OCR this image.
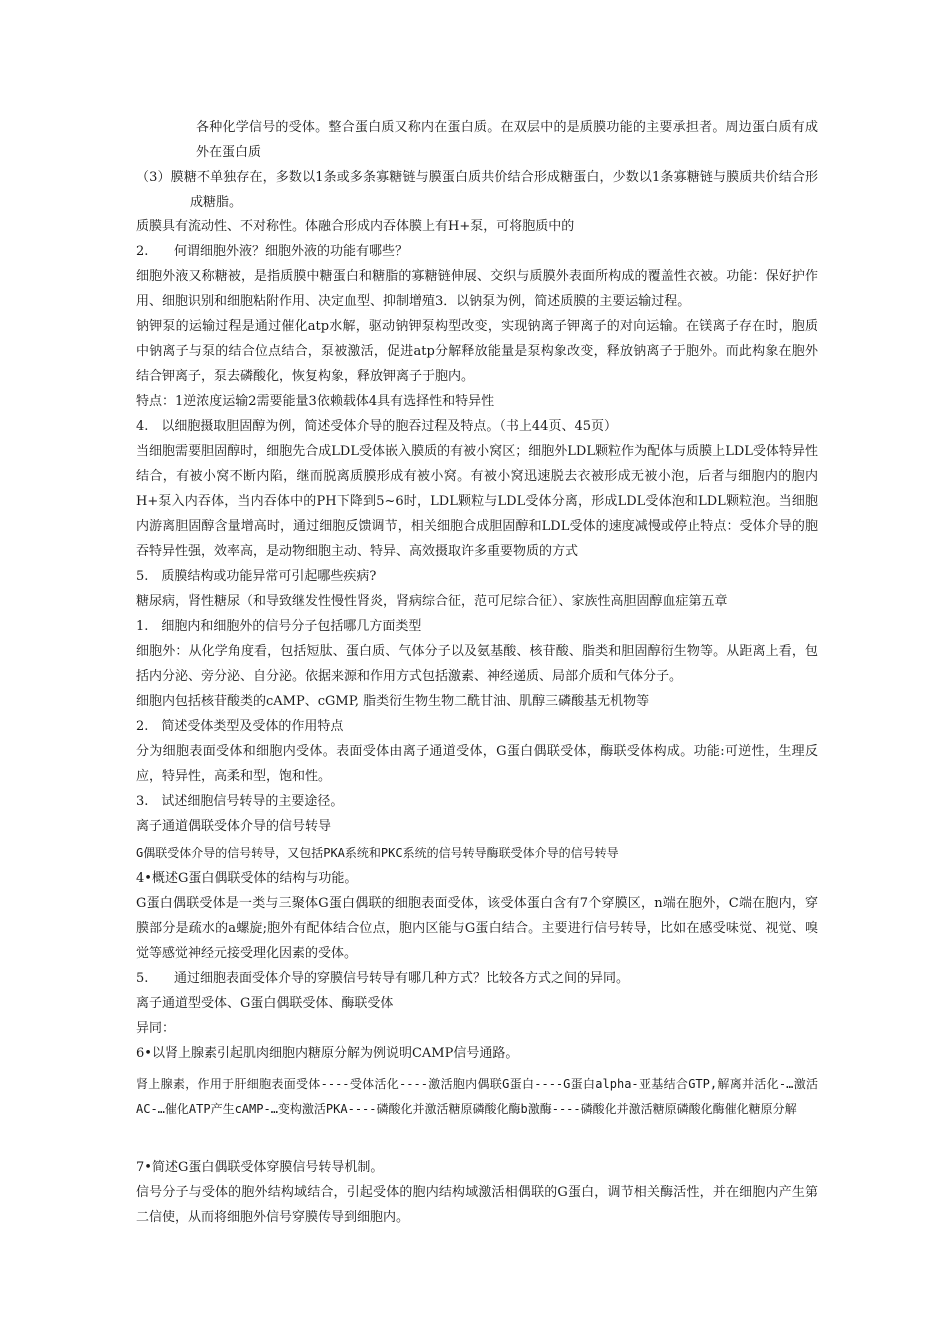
各种化学信号的受体。整合蛋白质又称内在蛋白质。在双层中的是质膜功能的主要承担者。周边蛋白质有成外在蛋白质

（3）膜糖不单独存在，多数以1条或多条寡糖链与膜蛋白质共价结合形成糖蛋白，少数以1条寡糖链与膜质共价结合形成糖脂。

质膜具有流动性、不对称性。体融合形成内吞体膜上有H+泵，可将胞质中的

2. 何谓细胞外液？细胞外液的功能有哪些？

细胞外液又称糖被，是指质膜中糖蛋白和糖脂的寡糖链伸展、交织与质膜外表面所构成的覆盖性衣被。功能：保好护作用、细胞识别和细胞粘附作用、决定血型、抑制增殖3．以钠泵为例，简述质膜的主要运输过程。

钠钾泵的运输过程是通过催化atp水解，驱动钠钾泵构型改变，实现钠离子钾离子的对向运输。在镁离子存在时，胞质中钠离子与泵的结合位点结合，泵被激活，促进atp分解释放能量是泵构象改变，释放钠离子于胞外。而此构象在胞外结合钾离子，泵去磷酸化，恢复构象，释放钾离子于胞内。

特点：1逆浓度运输2需要能量3依赖载体4具有选择性和特异性

4.　以细胞摄取胆固醇为例，简述受体介导的胞吞过程及特点。（书上44页、45页）

当细胞需要胆固醇时，细胞先合成LDL受体嵌入膜质的有被小窝区；细胞外LDL颗粒作为配体与质膜上LDL受体特异性结合，有被小窝不断内陷，继而脱离质膜形成有被小窝。有被小窝迅速脱去衣被形成无被小泡，后者与细胞内的胞内H+泵入内吞体，当内吞体中的PH下降到5~6时，LDL颗粒与LDL受体分离，形成LDL受体泡和LDL颗粒泡。当细胞内游离胆固醇含量增高时，通过细胞反馈调节，相关细胞合成胆固醇和LDL受体的速度减慢或停止特点：受体介导的胞吞特异性强，效率高，是动物细胞主动、特异、高效摄取许多重要物质的方式

5.　质膜结构或功能异常可引起哪些疾病?

糖尿病，肾性糖尿（和导致继发性慢性肾炎，肾病综合征，范可尼综合征）、家族性高胆固醇血症第五章

1.　细胞内和细胞外的信号分子包括哪几方面类型

细胞外：从化学角度看，包括短肽、蛋白质、气体分子以及氨基酸、核苷酸、脂类和胆固醇衍生物等。从距离上看，包括内分泌、旁分泌、自分泌。依据来源和作用方式包括激素、神经递质、局部介质和气体分子。

细胞内包括核苷酸类的cAMP、cGMP, 脂类衍生物生物二酰甘油、肌醇三磷酸基无机物等

2.　简述受体类型及受体的作用特点

分为细胞表面受体和细胞内受体。表面受体由离子通道受体，G蛋白偶联受体，酶联受体构成。功能:可逆性，生理反应，特异性，高柔和型，饱和性。

3.　试述细胞信号转导的主要途径。

离子通道偶联受体介导的信号转导

G偶联受体介导的信号转导，又包括PKA系统和PKC系统的信号转导酶联受体介导的信号转导

4•概述G蛋白偶联受体的结构与功能。

G蛋白偶联受体是一类与三聚体G蛋白偶联的细胞表面受体，该受体蛋白含有7个穿膜区，n端在胞外，C端在胞内，穿膜部分是疏水的a螺旋;胞外有配体结合位点，胞内区能与G蛋白结合。主要进行信号转导，比如在感受味觉、视觉、嗅觉等感觉神经元接受理化因素的受体。

5. 通过细胞表面受体介导的穿膜信号转导有哪几种方式？比较各方式之间的异同。

离子通道型受体、G蛋白偶联受体、酶联受体

异同：

6•以肾上腺素引起肌肉细胞内糖原分解为例说明CAMP信号通路。

肾上腺素，作用于肝细胞表面受体----受体活化----激活胞内偶联G蛋白----G蛋白alpha-亚基结合GTP,解离并活化-…激活AC-…催化ATP产生cAMP-…变构激活PKA----磷酸化并激活糖原磷酸化酶b激酶----磷酸化并激活糖原磷酸化酶催化糖原分解

7•简述G蛋白偶联受体穿膜信号转导机制。

信号分子与受体的胞外结构域结合，引起受体的胞内结构域激活相偶联的G蛋白，调节相关酶活性，并在细胞内产生第二信使，从而将细胞外信号穿膜传导到细胞内。
